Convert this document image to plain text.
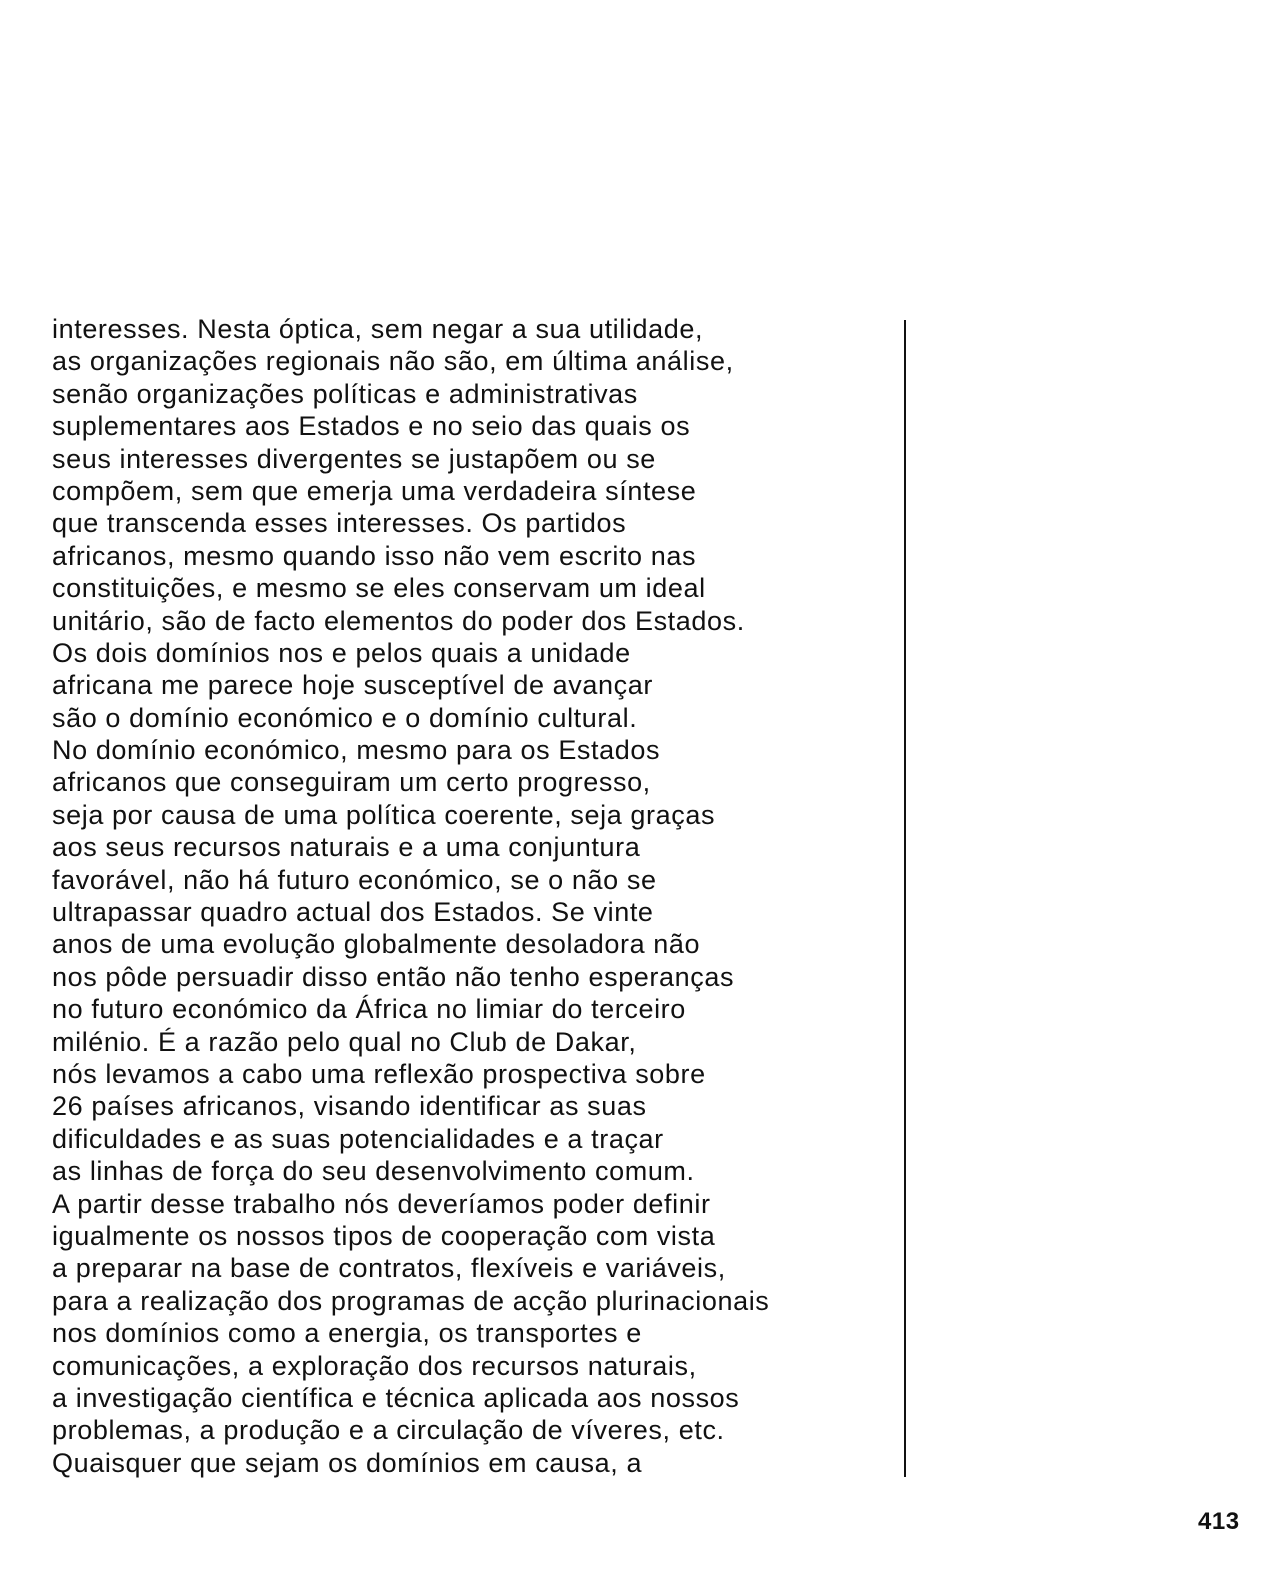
interesses. Nesta óptica, sem negar a sua utilidade,
as organizações regionais não são, em última análise,
senão organizações políticas e administrativas
suplementares aos Estados e no seio das quais os
seus interesses divergentes se justapõem ou se
compõem, sem que emerja uma verdadeira síntese
que transcenda esses interesses. Os partidos
africanos, mesmo quando isso não vem escrito nas
constituições, e mesmo se eles conservam um ideal
unitário, são de facto elementos do poder dos Estados.
Os dois domínios nos e pelos quais a unidade
africana me parece hoje susceptível de avançar
são o domínio económico e o domínio cultural.
No domínio económico, mesmo para os Estados
africanos que conseguiram um certo progresso,
seja por causa de uma política coerente, seja graças
aos seus recursos naturais e a uma conjuntura
favorável, não há futuro económico, se o não se
ultrapassar quadro actual dos Estados. Se vinte
anos de uma evolução globalmente desoladora não
nos pôde persuadir disso então não tenho esperanças
no futuro económico da África no limiar do terceiro
milénio. É a razão pelo qual no Club de Dakar,
nós levamos a cabo uma reflexão prospectiva sobre
26 países africanos, visando identificar as suas
dificuldades e as suas potencialidades e a traçar
as linhas de força do seu desenvolvimento comum.
A partir desse trabalho nós deveríamos poder definir
igualmente os nossos tipos de cooperação com vista
a preparar na base de contratos, flexíveis e variáveis,
para a realização dos programas de acção plurinacionais
nos domínios como a energia, os transportes e
comunicações, a exploração dos recursos naturais,
a investigação científica e técnica aplicada aos nossos
problemas, a produção e a circulação de víveres, etc.
Quaisquer que sejam os domínios em causa, a
413
